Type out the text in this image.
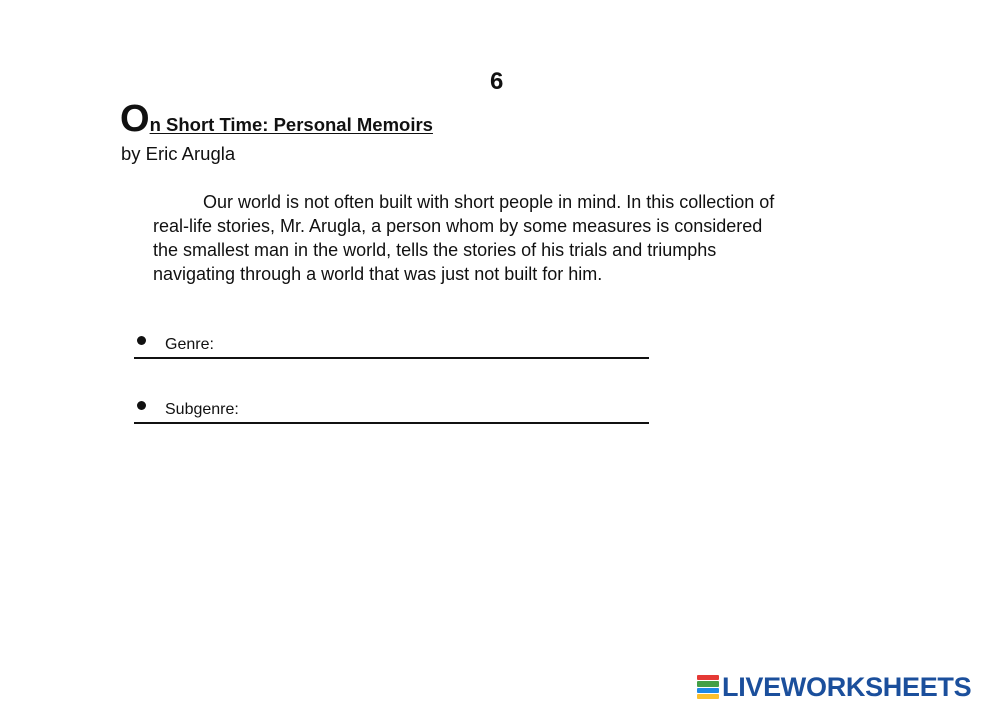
6
On Short Time: Personal Memoirs
by Eric Arugla
Our world is not often built with short people in mind. In this collection of
real-life stories, Mr. Arugla, a person whom by some measures is considered
the smallest man in the world, tells the stories of his trials and triumphs
navigating through a world that was just not built for him.
Genre:
Subgenre:
LIVEWORKSHEETS
